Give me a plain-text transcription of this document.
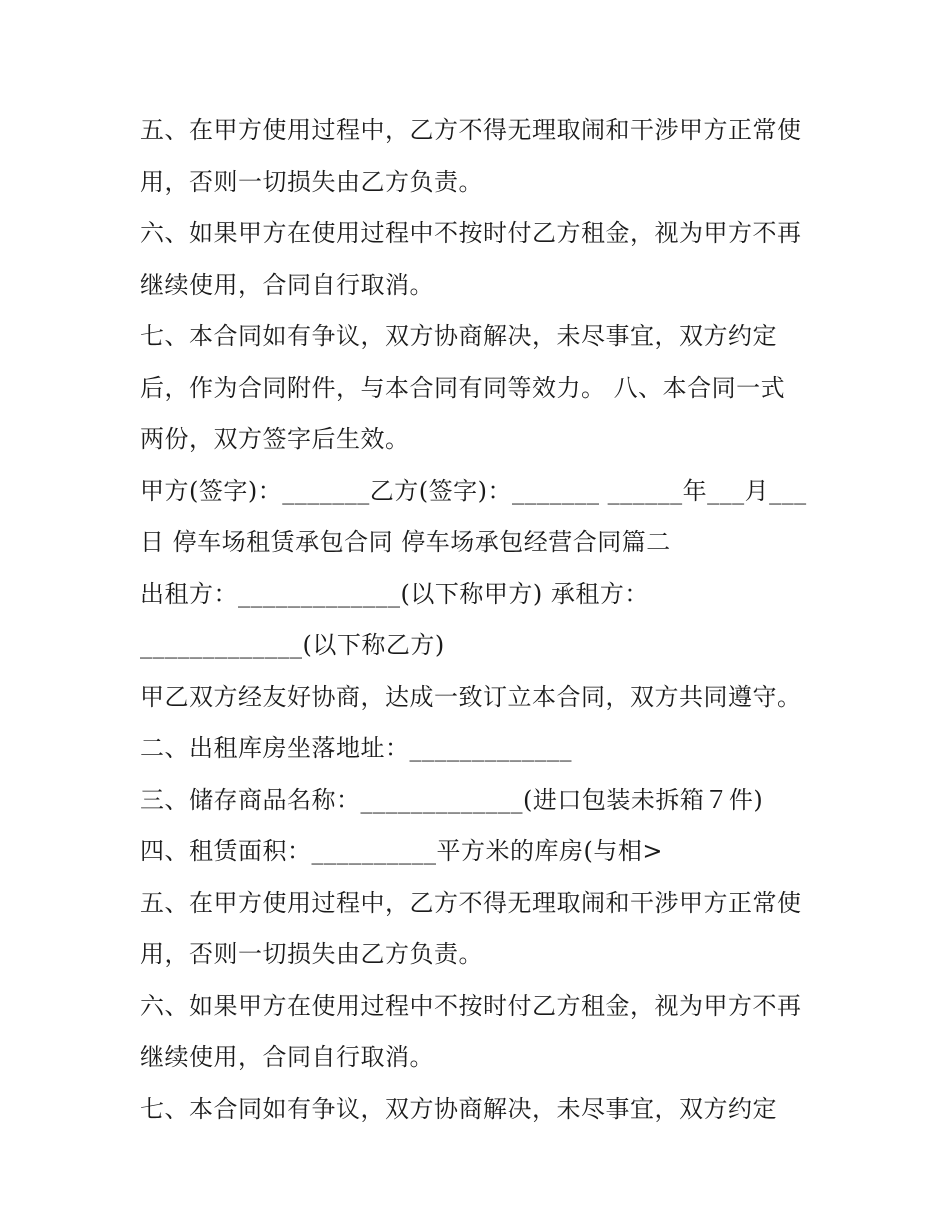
五、在甲方使用过程中，乙方不得无理取闹和干涉甲方正常使
用，否则一切损失由乙方负责。
六、如果甲方在使用过程中不按时付乙方租金，视为甲方不再
继续使用，合同自行取消。
七、本合同如有争议，双方协商解决，未尽事宜，双方约定
后，作为合同附件，与本合同有同等效力。 八、本合同一式
两份，双方签字后生效。
甲方(签字)：_______乙方(签字)：_______ ______年___月___
日 停车场租赁承包合同 停车场承包经营合同篇二
出租方：_____________(以下称甲方) 承租方：
_____________(以下称乙方)
甲乙双方经友好协商，达成一致订立本合同，双方共同遵守。
二、出租库房坐落地址：_____________
三、储存商品名称：_____________(进口包装未拆箱７件)
四、租赁面积：__________平方米的库房(与相>
五、在甲方使用过程中，乙方不得无理取闹和干涉甲方正常使
用，否则一切损失由乙方负责。
六、如果甲方在使用过程中不按时付乙方租金，视为甲方不再
继续使用，合同自行取消。
七、本合同如有争议，双方协商解决，未尽事宜，双方约定
